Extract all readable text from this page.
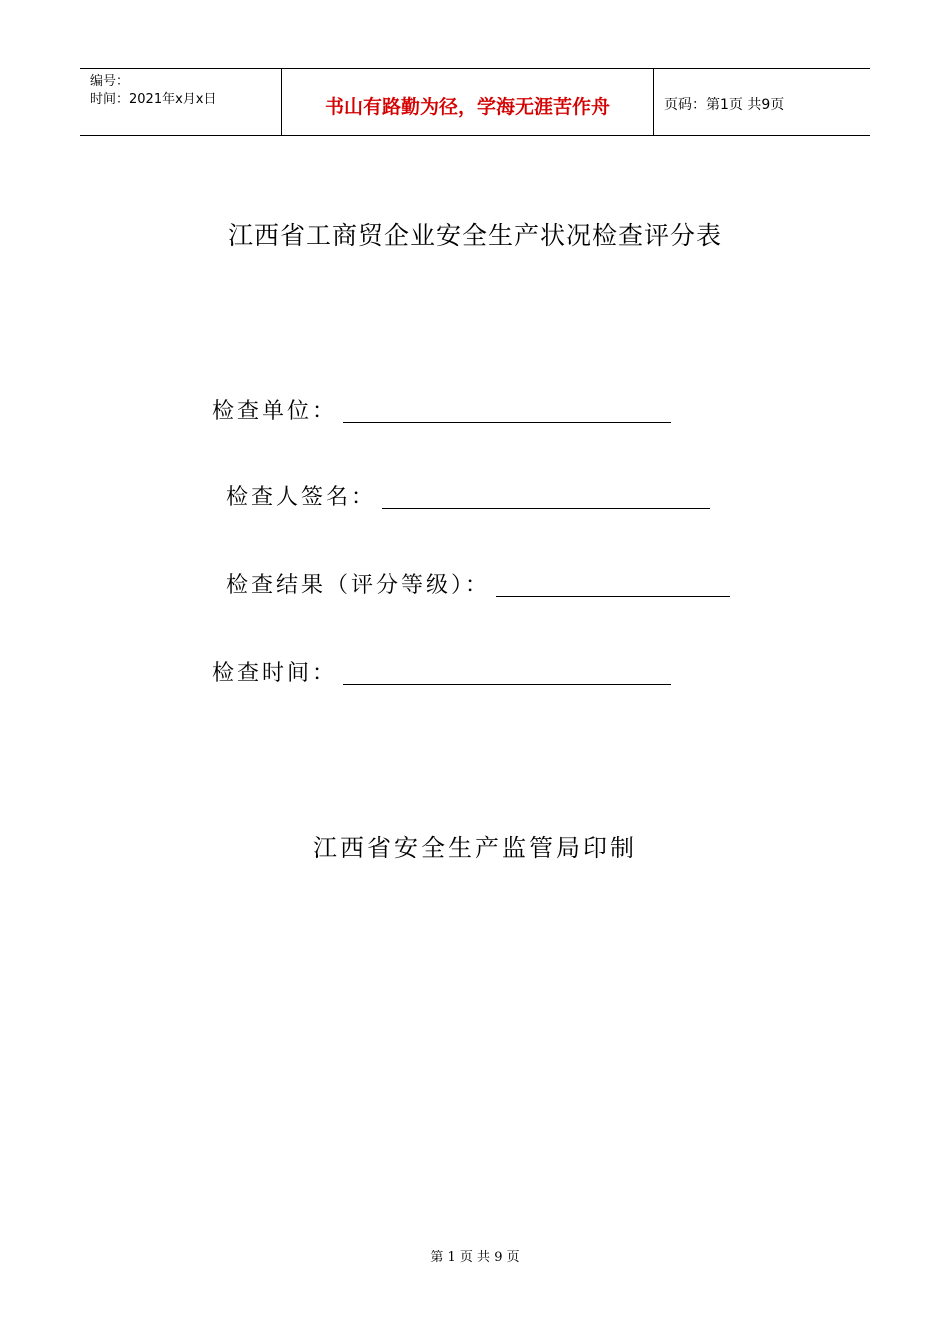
编号：
时间：2021年x月x日	书山有路勤为径，学海无涯苦作舟	页码：第1页 共9页
江西省工商贸企业安全生产状况检查评分表
检查单位：
检查人签名：
检查结果（评分等级）：
检查时间：
江西省安全生产监管局印制
第 1 页 共 9 页
